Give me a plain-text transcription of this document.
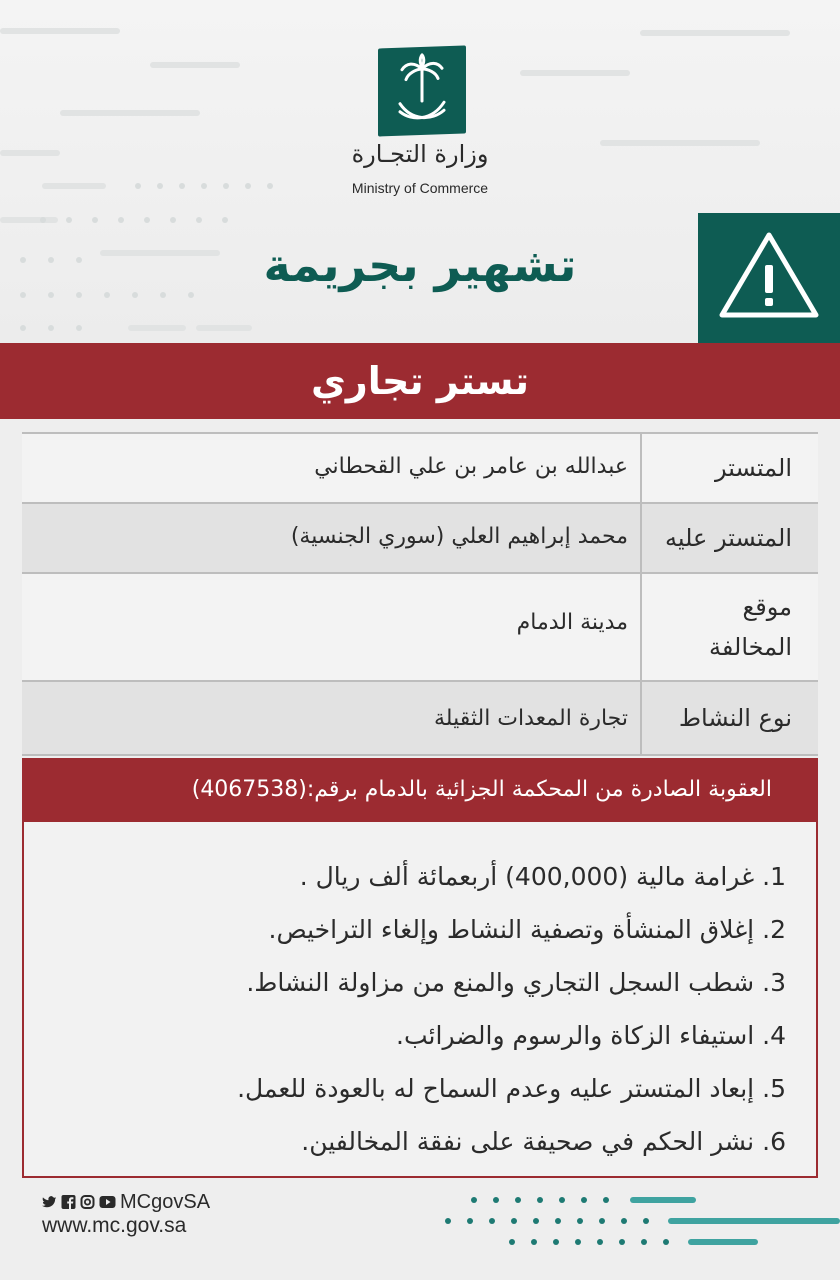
وزارة التجـارة
Ministry of Commerce
تشهير بجريمة
تستر تجاري
المتستر
عبدالله بن عامر بن علي القحطاني
المتستر عليه
محمد إبراهيم العلي (سوري الجنسية)
موقع
المخالفة
مدينة الدمام
نوع النشاط
تجارة المعدات الثقيلة
العقوبة الصادرة من المحكمة الجزائية بالدمام برقم:(4067538)
1.غرامة مالية (400,000) أربعمائة ألف ريال .
2.إغلاق المنشأة وتصفية النشاط وإلغاء التراخيص.
3.شطب السجل التجاري والمنع من مزاولة النشاط.
4.استيفاء الزكاة والرسوم والضرائب.
5.إبعاد المتستر عليه وعدم السماح له بالعودة للعمل.
6.نشر الحكم في صحيفة على نفقة المخالفين.
MCgovSA
www.mc.gov.sa
